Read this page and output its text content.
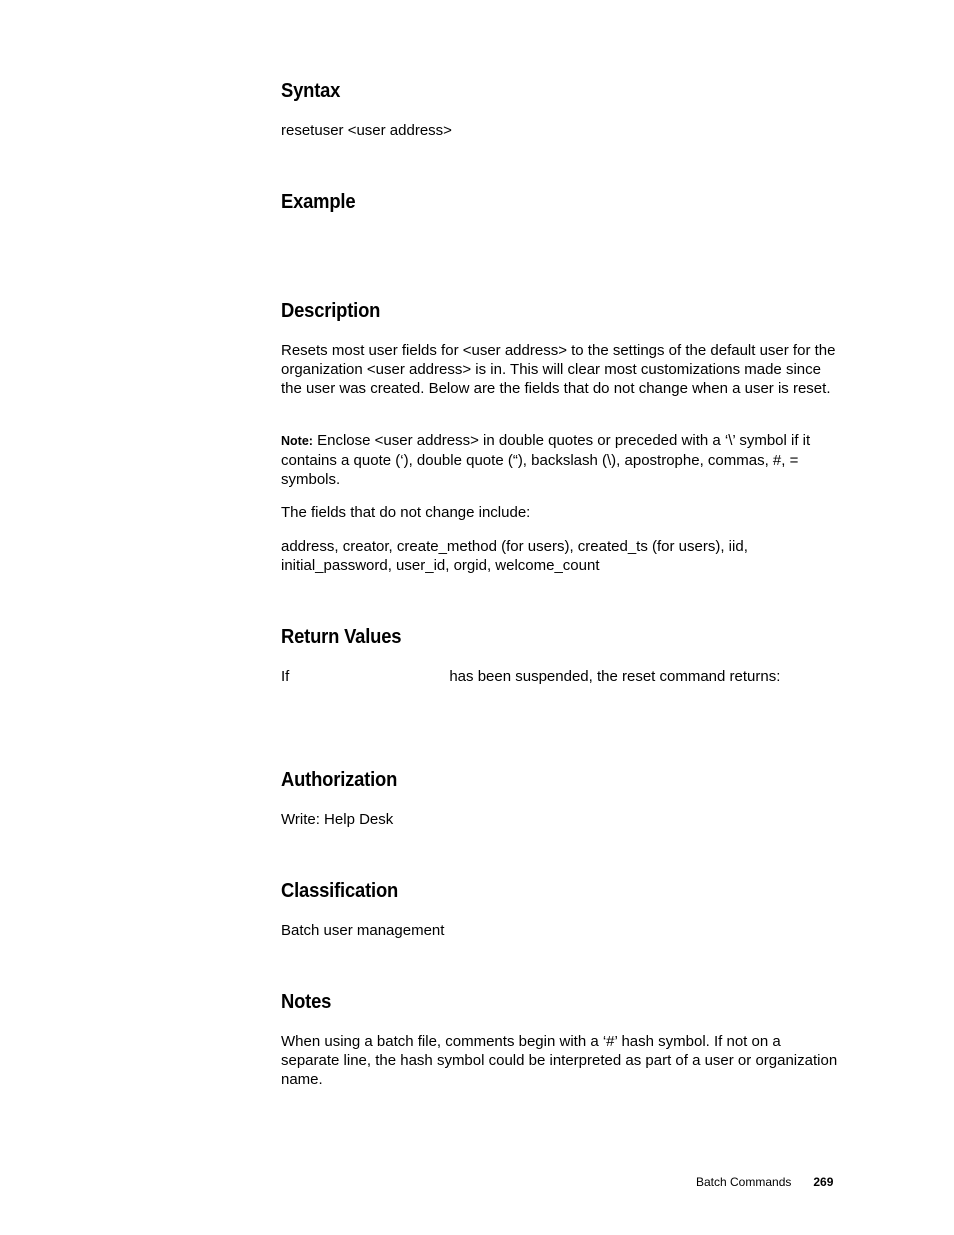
Syntax

resetuser <user address>

Example
Description

Resets most user fields for <user address> to the settings of the default user for the organization <user address> is in. This will clear most customizations made since the user was created. Below are the fields that do not change when a user is reset.

Note: Enclose <user address> in double quotes or preceded with a ‘\’ symbol if it contains a quote (‘), double quote (“), backslash (\), apostrophe, commas, #, = symbols.

The fields that do not change include:

address, creator, create_method (for users), created_ts (for users), iid, initial_password, user_id, orgid, welcome_count

Return Values

If	has been suspended, the reset command returns:

Authorization

Write: Help Desk

Classification

Batch user management

Notes

When using a batch file, comments begin with a ‘#’ hash symbol. If not on a separate line, the hash symbol could be interpreted as part of a user or organization name.

Batch Commands 269
